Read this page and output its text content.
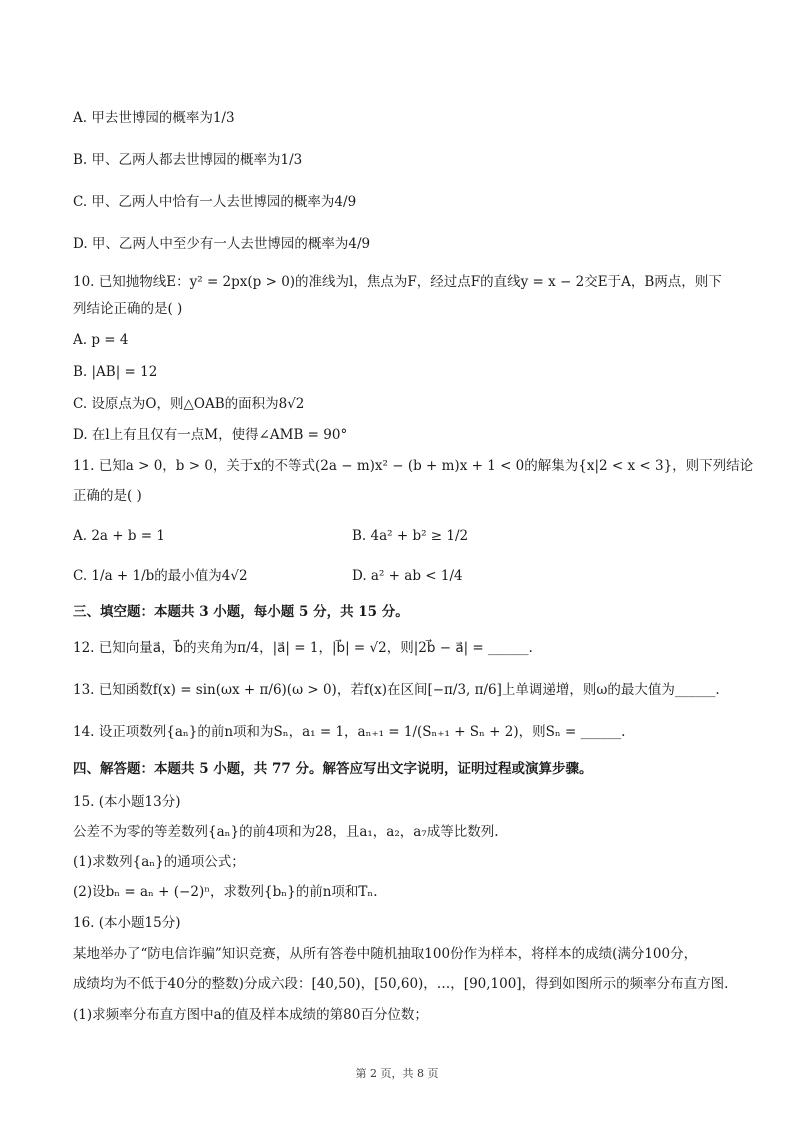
A. 甲去世博园的概率为1/3
B. 甲、乙两人都去世博园的概率为1/3
C. 甲、乙两人中恰有一人去世博园的概率为4/9
D. 甲、乙两人中至少有一人去世博园的概率为4/9
10. 已知抛物线E：y² = 2px(p > 0)的准线为l，焦点为F，经过点F的直线y = x − 2交E于A，B两点，则下
列结论正确的是( )
A. p = 4
B. |AB| = 12
C. 设原点为O，则△OAB的面积为8√2
D. 在l上有且仅有一点M，使得∠AMB = 90°
11. 已知a > 0，b > 0，关于x的不等式(2a − m)x² − (b + m)x + 1 < 0的解集为{x|2 < x < 3}，则下列结论
正确的是( )
A. 2a + b = 1	B. 4a² + b² ≥ 1/2
C. 1/a + 1/b的最小值为4√2	D. a² + ab < 1/4
三、填空题：本题共 3 小题，每小题 5 分，共 15 分。
12. 已知向量a⃗，b⃗的夹角为π/4，|a⃗| = 1，|b⃗| = √2，则|2b⃗ − a⃗| = ______.
13. 已知函数f(x) = sin(ωx + π/6)(ω > 0)，若f(x)在区间[−π/3, π/6]上单调递增，则ω的最大值为______.
14. 设正项数列{aₙ}的前n项和为Sₙ，a₁ = 1，aₙ₊₁ = 1/(Sₙ₊₁ + Sₙ + 2)，则Sₙ = ______.
四、解答题：本题共 5 小题，共 77 分。解答应写出文字说明，证明过程或演算步骤。
15. (本小题13分)
公差不为零的等差数列{aₙ}的前4项和为28，且a₁，a₂，a₇成等比数列.
(1)求数列{aₙ}的通项公式；
(2)设bₙ = aₙ + (−2)ⁿ，求数列{bₙ}的前n项和Tₙ.
16. (本小题15分)
某地举办了“防电信诈骗”知识竞赛，从所有答卷中随机抽取100份作为样本，将样本的成绩(满分100分，
成绩均为不低于40分的整数)分成六段：[40,50)，[50,60)，…，[90,100]，得到如图所示的频率分布直方图.
(1)求频率分布直方图中a的值及样本成绩的第80百分位数；
第 2 页，共 8 页
